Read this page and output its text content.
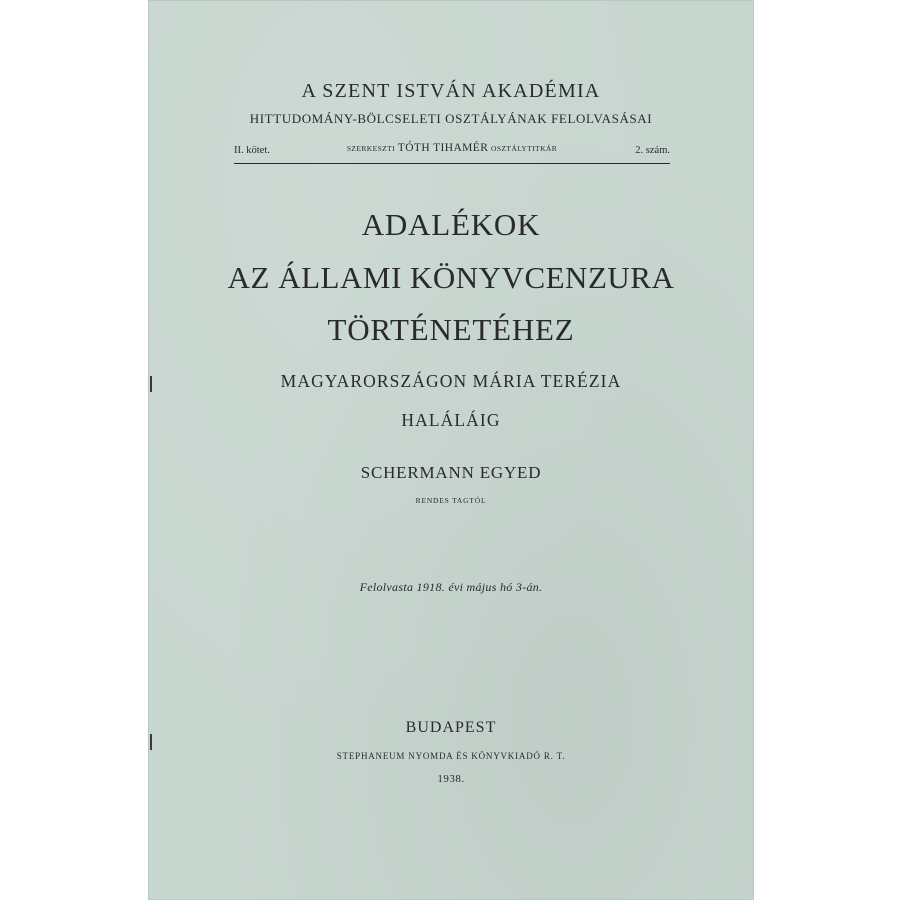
A SZENT ISTVÁN AKADÉMIA
HITTUDOMÁNY-BÖLCSELETI OSZTÁLYÁNAK FELOLVASÁSAI
II. kötet.	SZERKESZTI TÓTH TIHAMÉR OSZTÁLYTITKÁR	2. szám.
ADALÉKOK
AZ ÁLLAMI KÖNYVCENZURA
TÖRTÉNETÉHEZ
MAGYARORSZÁGON MÁRIA TERÉZIA
HALÁLÁIG
SCHERMANN EGYED
RENDES TAGTÓL
Felolvasta 1918. évi május hó 3-án.
BUDAPEST
STEPHANEUM NYOMDA ÉS KÖNYVKIADÓ R. T.
1938.
